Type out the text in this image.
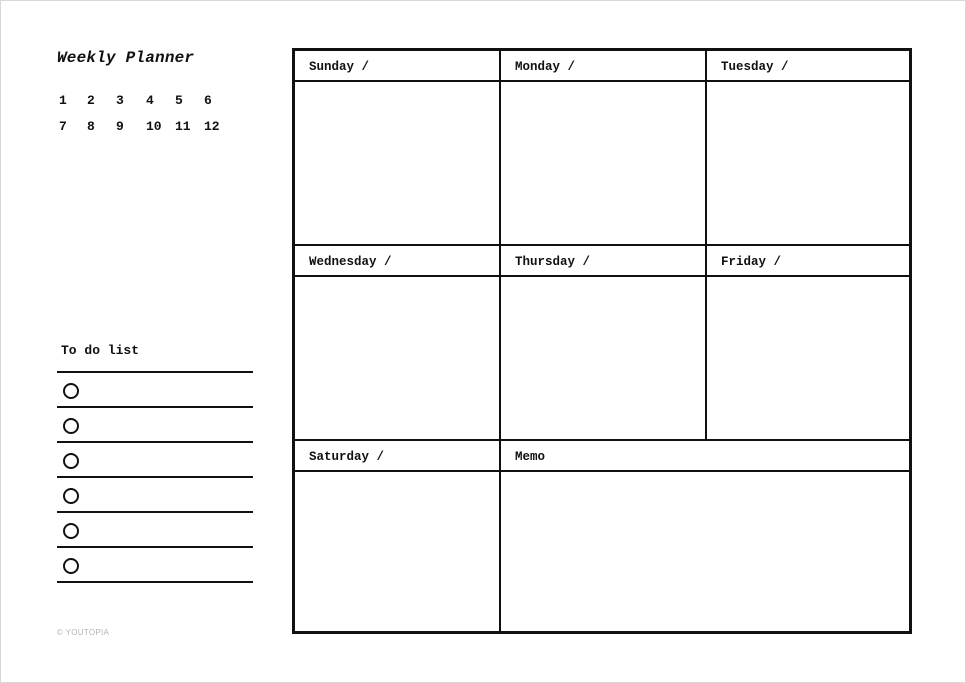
Weekly Planner
1	2	3	4	5	6
7	8	9	10	11	12
To do list
© YOUTOPIA
Sunday /	Monday /	Tuesday /
Wednesday /	Thursday /	Friday /
Saturday /	Memo
